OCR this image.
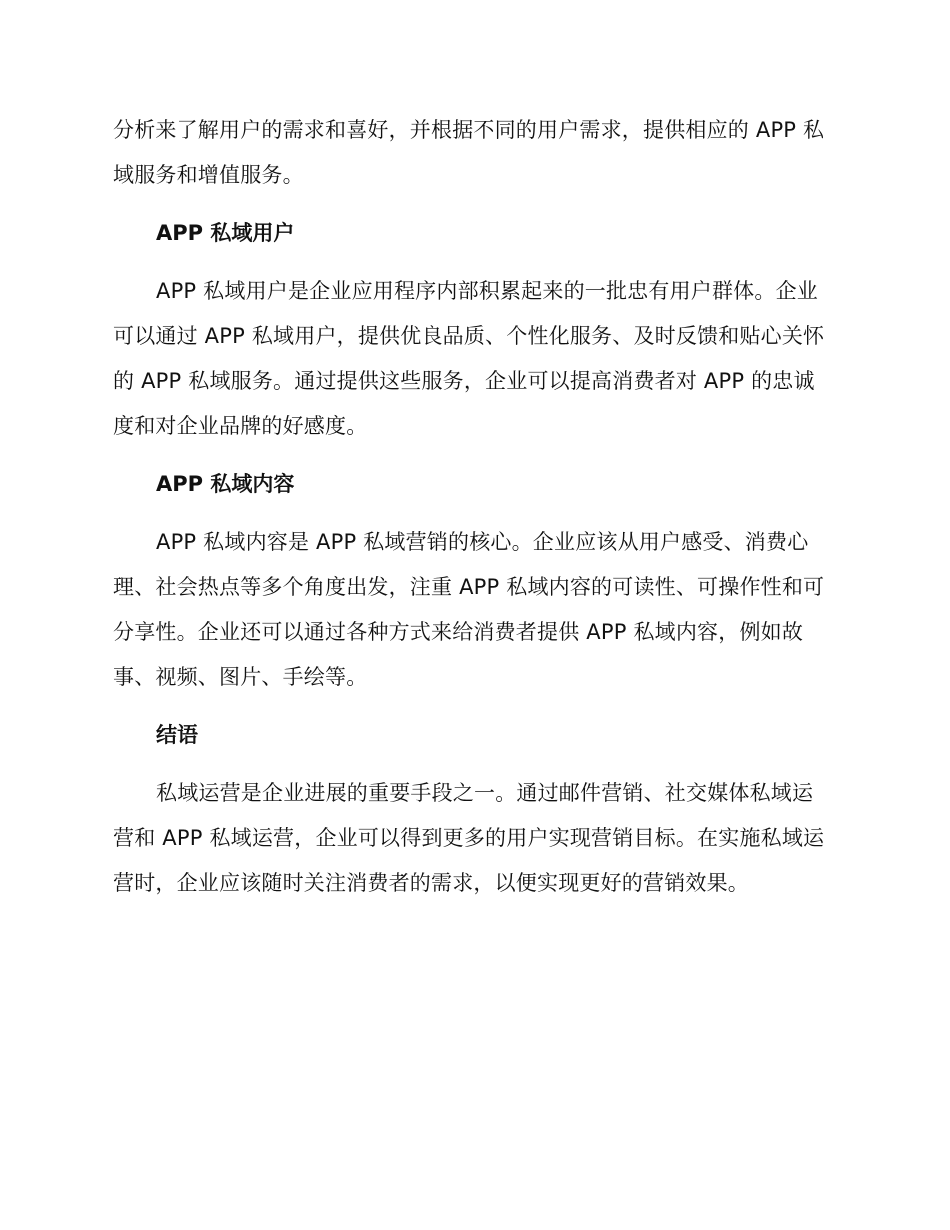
分析来了解用户的需求和喜好，并根据不同的用户需求，提供相应的 APP 私
域服务和增值服务。

APP 私域用户

APP 私域用户是企业应用程序内部积累起来的一批忠有用户群体。企业
可以通过 APP 私域用户，提供优良品质、个性化服务、及时反馈和贴心关怀
的 APP 私域服务。通过提供这些服务，企业可以提高消费者对 APP 的忠诚
度和对企业品牌的好感度。

APP 私域内容

APP 私域内容是 APP 私域营销的核心。企业应该从用户感受、消费心
理、社会热点等多个角度出发，注重 APP 私域内容的可读性、可操作性和可
分享性。企业还可以通过各种方式来给消费者提供 APP 私域内容，例如故
事、视频、图片、手绘等。

结语

私域运营是企业进展的重要手段之一。通过邮件营销、社交媒体私域运
营和 APP 私域运营，企业可以得到更多的用户实现营销目标。在实施私域运
营时，企业应该随时关注消费者的需求，以便实现更好的营销效果。
